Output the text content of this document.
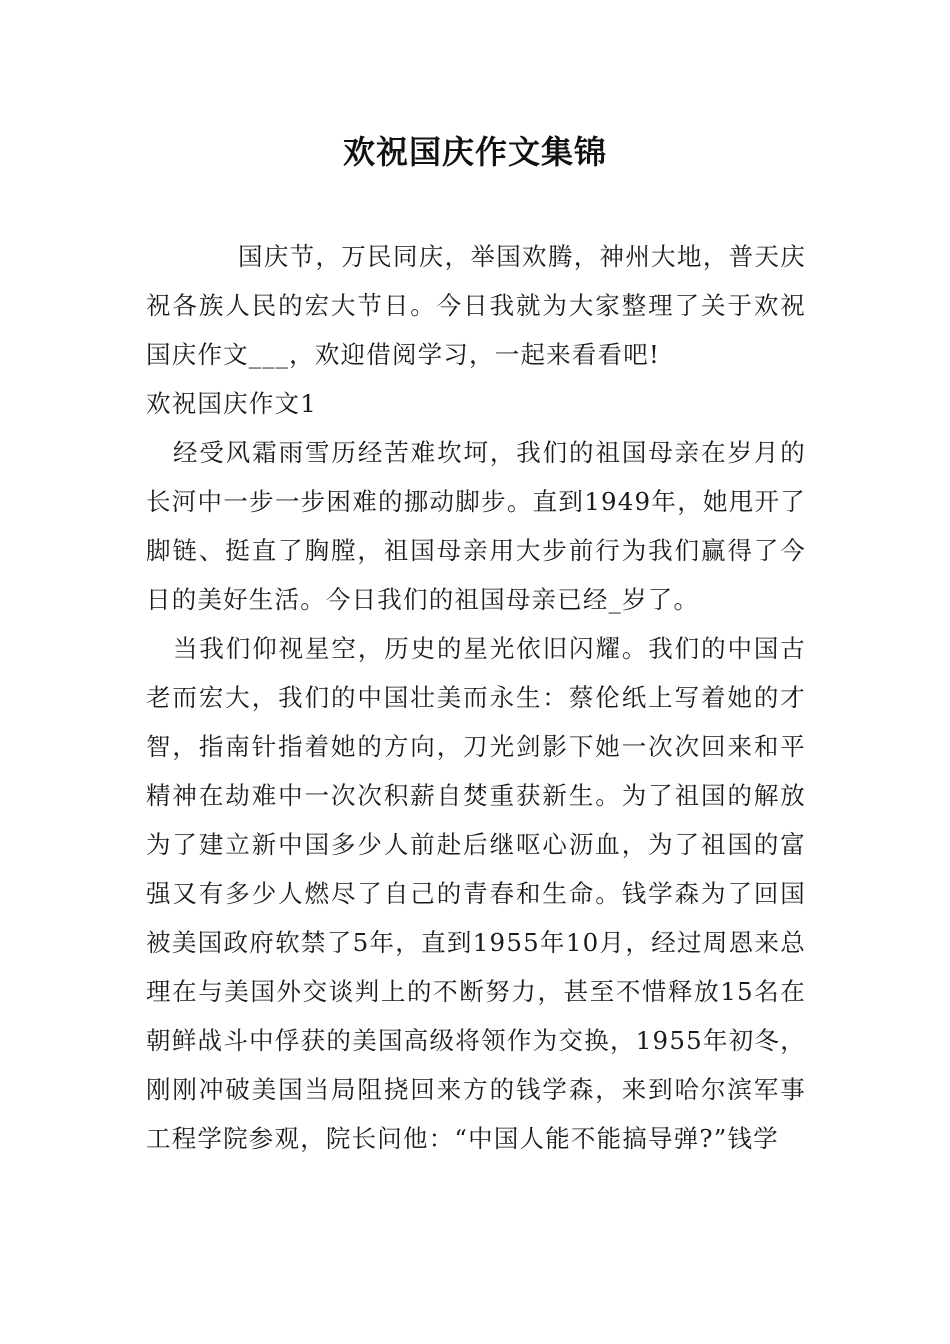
欢祝国庆作文集锦

国庆节，万民同庆，举国欢腾，神州大地，普天庆祝各族人民的宏大节日。今日我就为大家整理了关于欢祝国庆作文___，欢迎借阅学习，一起来看看吧!

欢祝国庆作文1

经受风霜雨雪历经苦难坎坷，我们的祖国母亲在岁月的长河中一步一步困难的挪动脚步。直到1949年，她甩开了脚链、挺直了胸膛，祖国母亲用大步前行为我们赢得了今日的美好生活。今日我们的祖国母亲已经_岁了。

当我们仰视星空，历史的星光依旧闪耀。我们的中国古老而宏大，我们的中国壮美而永生：蔡伦纸上写着她的才智，指南针指着她的方向，刀光剑影下她一次次回来和平精神在劫难中一次次积薪自焚重获新生。为了祖国的解放为了建立新中国多少人前赴后继呕心沥血，为了祖国的富强又有多少人燃尽了自己的青春和生命。钱学森为了回国被美国政府软禁了5年，直到1955年10月，经过周恩来总理在与美国外交谈判上的不断努力，甚至不惜释放15名在朝鲜战斗中俘获的美国高级将领作为交换，1955年初冬，刚刚冲破美国当局阻挠回来方的钱学森，来到哈尔滨军事工程学院参观，院长问他：“中国人能不能搞导弹?”钱学
